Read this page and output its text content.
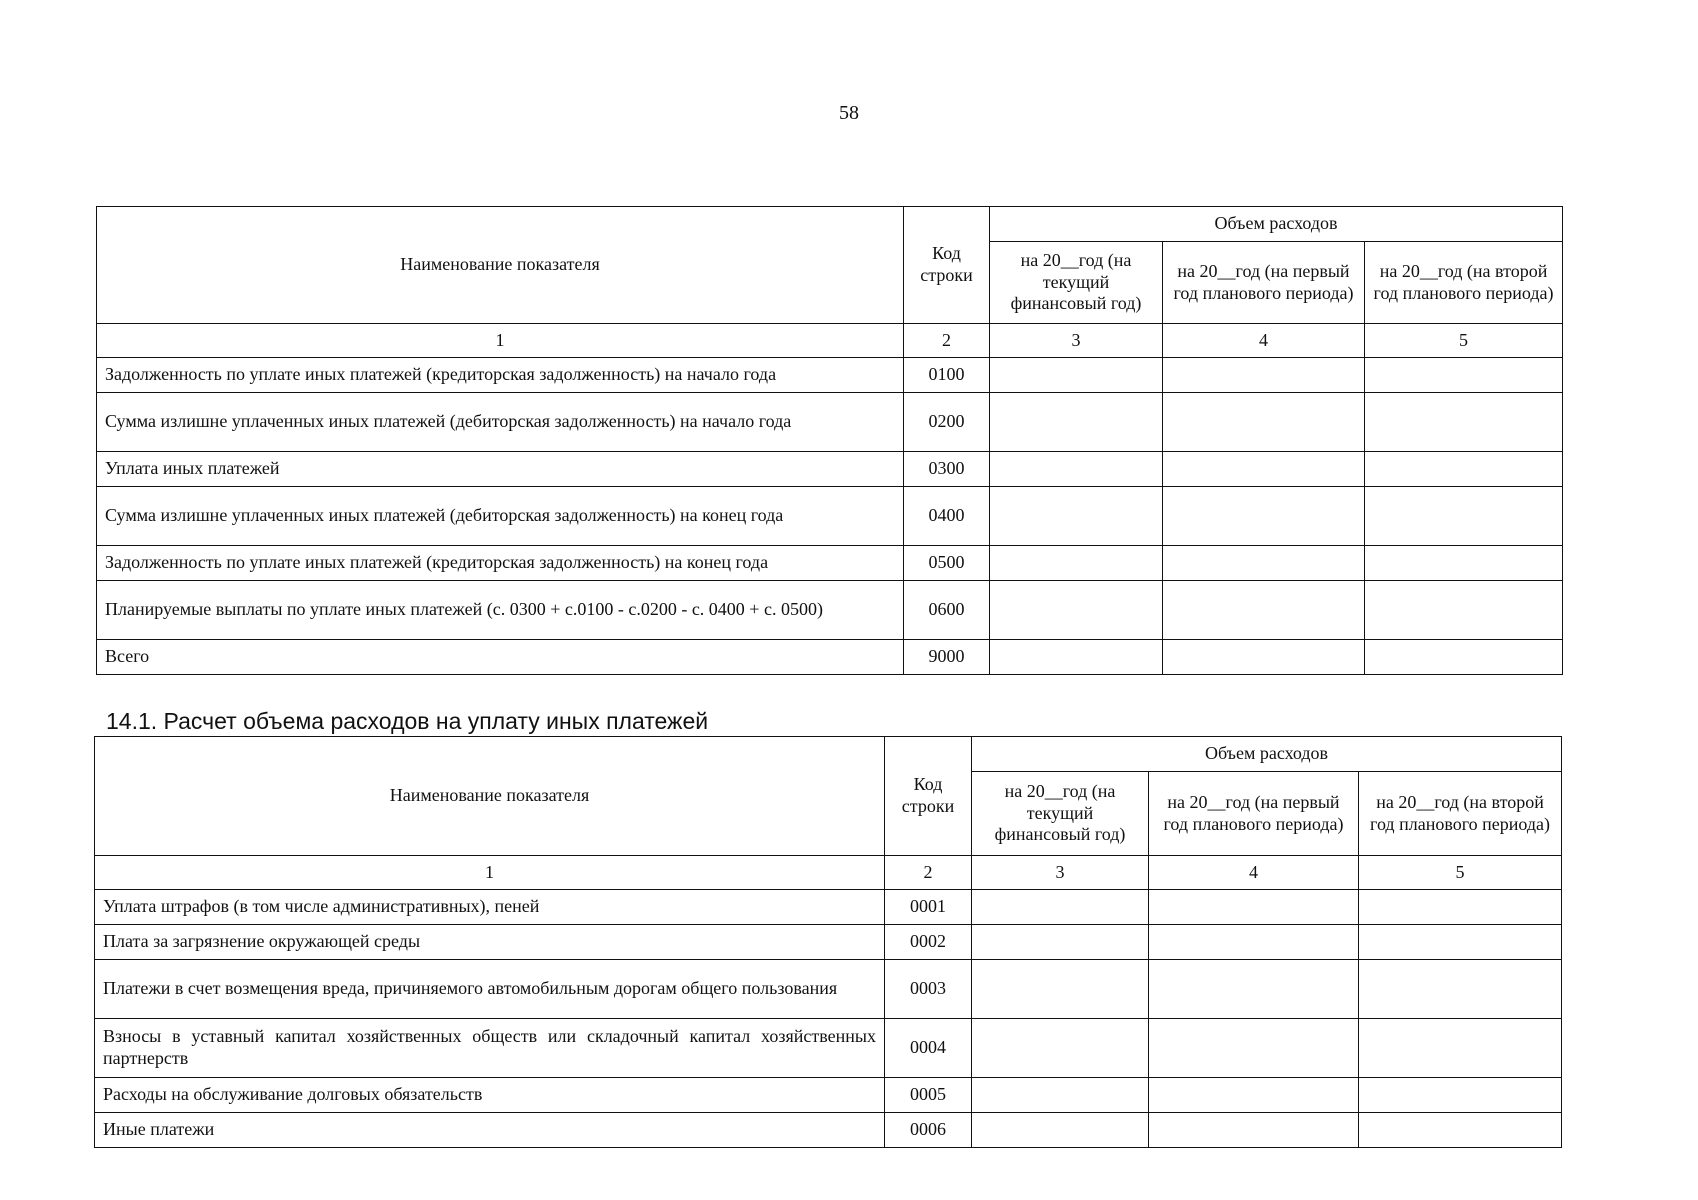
58
Наименование показателя	Код строки	Объем расходов		
		на 20__год (на текущий финансовый год)	на 20__год (на первый год планового периода)	на 20__год (на второй год планового периода)
1	2	3	4	5
Задолженность по уплате иных платежей (кредиторская задолженность) на начало года	0100			
Сумма излишне уплаченных иных платежей (дебиторская задолженность) на начало года	0200			
Уплата иных платежей	0300			
Сумма излишне уплаченных иных платежей (дебиторская задолженность) на конец года	0400			
Задолженность по уплате иных платежей (кредиторская задолженность) на конец года	0500			
Планируемые выплаты по уплате иных платежей (с. 0300 + с.0100 - с.0200 - с. 0400 + с. 0500)	0600			
Всего	9000			
14.1. Расчет объема расходов на уплату иных платежей
Наименование показателя	Код строки	Объем расходов		
		на 20__год (на текущий финансовый год)	на 20__год (на первый год планового периода)	на 20__год (на второй год планового периода)
1	2	3	4	5
Уплата штрафов (в том числе административных), пеней	0001			
Плата за загрязнение окружающей среды	0002			
Платежи в счет возмещения вреда, причиняемого автомобильным дорогам общего пользования	0003			
Взносы в уставный капитал хозяйственных обществ или складочный капитал хозяйственных партнерств	0004			
Расходы на обслуживание долговых обязательств	0005			
Иные платежи	0006			
